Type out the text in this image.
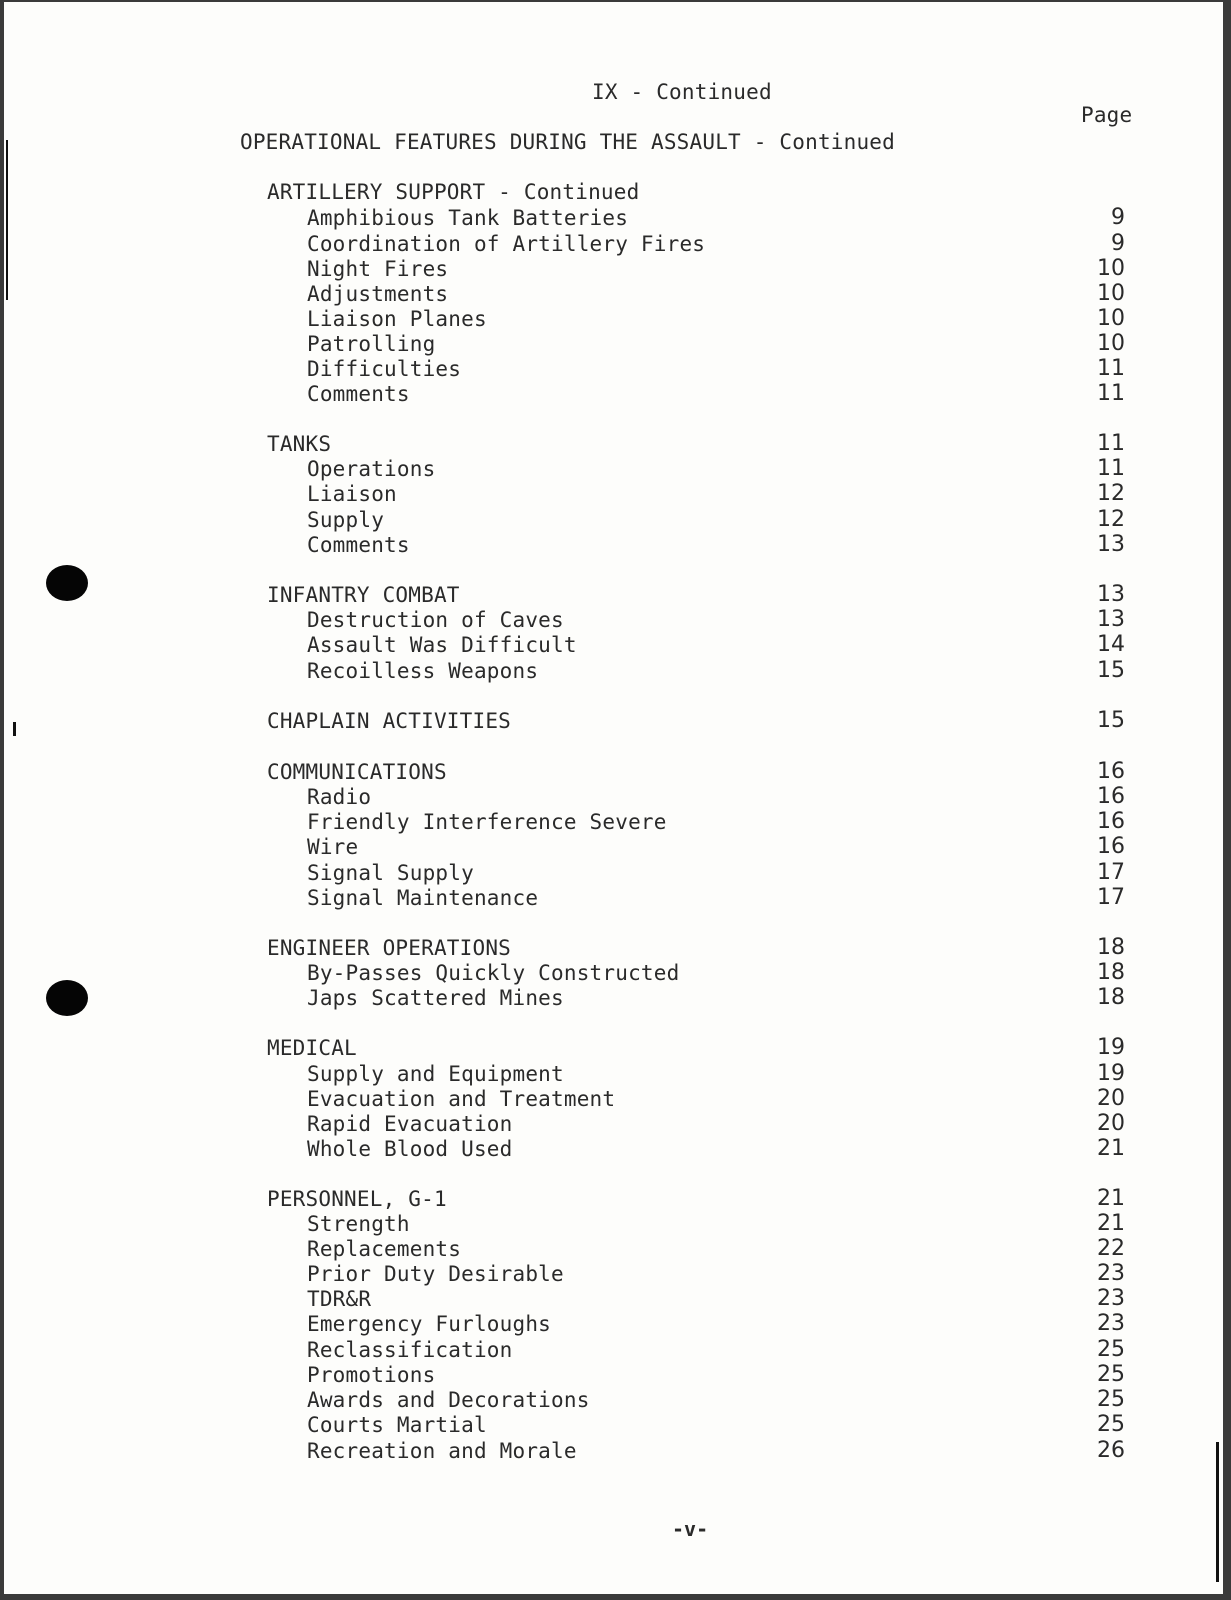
IX - Continued
Page
OPERATIONAL FEATURES DURING THE ASSAULT - Continued
ARTILLERY SUPPORT - Continued
Amphibious Tank Batteries	9
Coordination of Artillery Fires	9
Night Fires	10
Adjustments	10
Liaison Planes	10
Patrolling	10
Difficulties	11
Comments	11
TANKS	11
Operations	11
Liaison	12
Supply	12
Comments	13
INFANTRY COMBAT	13
Destruction of Caves	13
Assault Was Difficult	14
Recoilless Weapons	15
CHAPLAIN ACTIVITIES	15
COMMUNICATIONS	16
Radio	16
Friendly Interference Severe	16
Wire	16
Signal Supply	17
Signal Maintenance	17
ENGINEER OPERATIONS	18
By-Passes Quickly Constructed	18
Japs Scattered Mines	18
MEDICAL	19
Supply and Equipment	19
Evacuation and Treatment	20
Rapid Evacuation	20
Whole Blood Used	21
PERSONNEL, G-1	21
Strength	21
Replacements	22
Prior Duty Desirable	23
TDR&R	23
Emergency Furloughs	23
Reclassification	25
Promotions	25
Awards and Decorations	25
Courts Martial	25
Recreation and Morale	26
-v-
